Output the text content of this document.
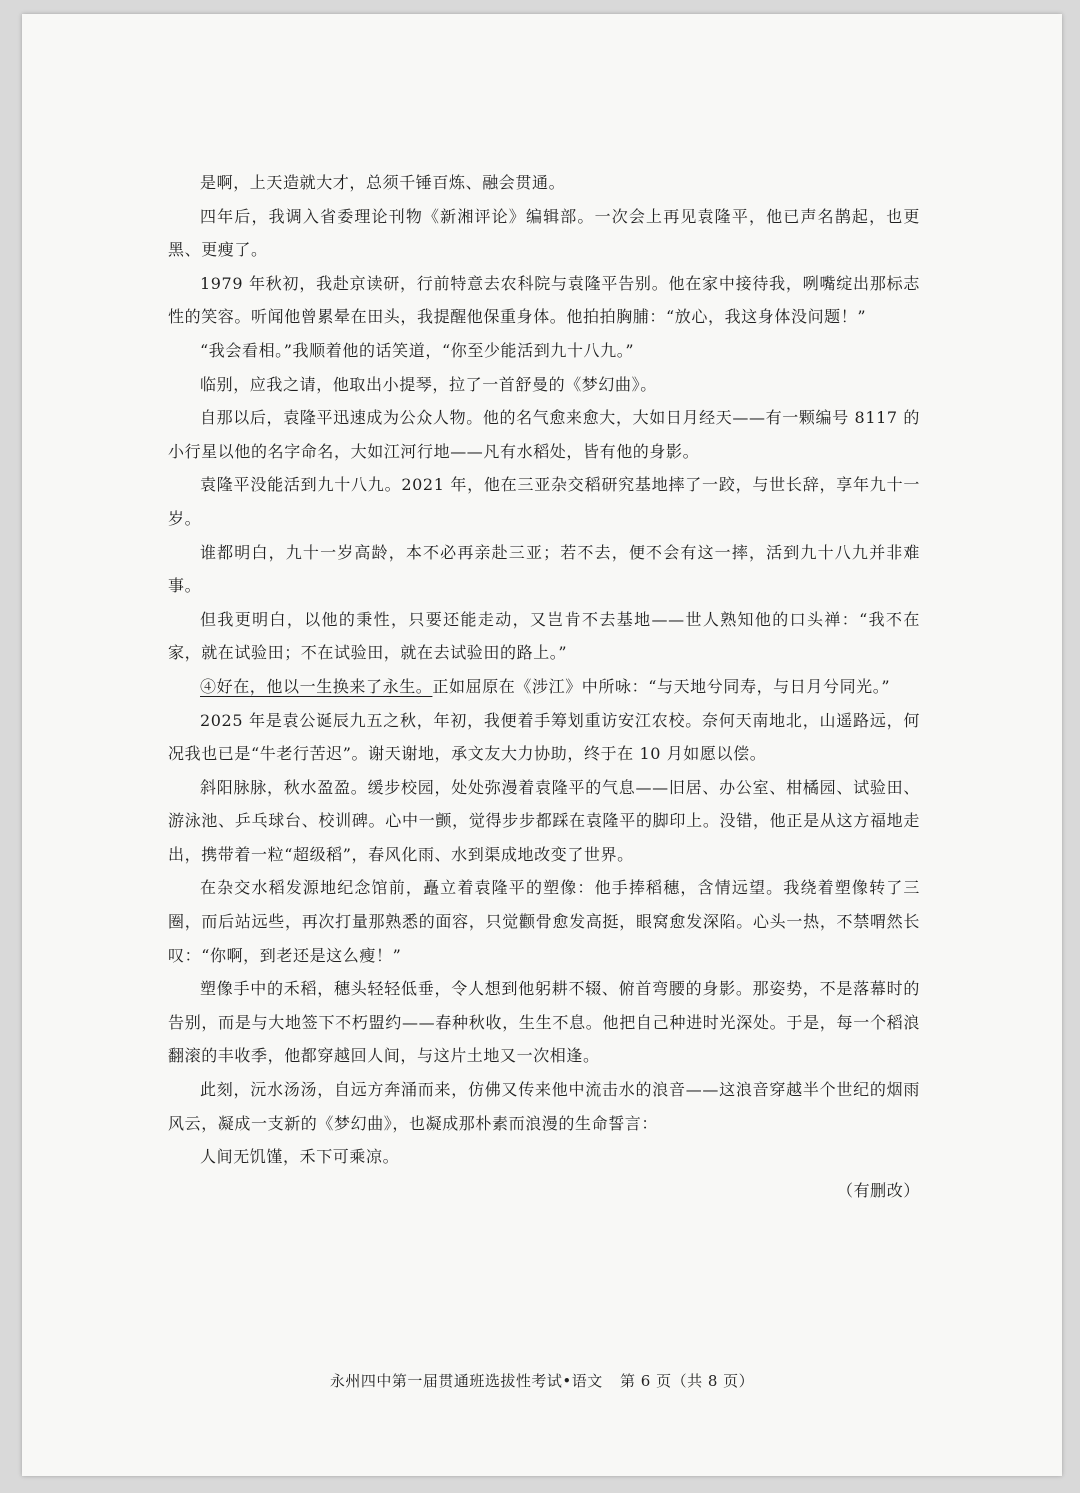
是啊，上天造就大才，总须千锤百炼、融会贯通。

四年后，我调入省委理论刊物《新湘评论》编辑部。一次会上再见袁隆平，他已声名鹊起，也更黑、更瘦了。

1979 年秋初，我赴京读研，行前特意去农科院与袁隆平告别。他在家中接待我，咧嘴绽出那标志性的笑容。听闻他曾累晕在田头，我提醒他保重身体。他拍拍胸脯：“放心，我这身体没问题！”

“我会看相。”我顺着他的话笑道，“你至少能活到九十八九。”

临别，应我之请，他取出小提琴，拉了一首舒曼的《梦幻曲》。

自那以后，袁隆平迅速成为公众人物。他的名气愈来愈大，大如日月经天——有一颗编号 8117 的小行星以他的名字命名，大如江河行地——凡有水稻处，皆有他的身影。

袁隆平没能活到九十八九。2021 年，他在三亚杂交稻研究基地摔了一跤，与世长辞，享年九十一岁。

谁都明白，九十一岁高龄，本不必再亲赴三亚；若不去，便不会有这一摔，活到九十八九并非难事。

但我更明白，以他的秉性，只要还能走动，又岂肯不去基地——世人熟知他的口头禅：“我不在家，就在试验田；不在试验田，就在去试验田的路上。”

④好在，他以一生换来了永生。正如屈原在《涉江》中所咏：“与天地兮同寿，与日月兮同光。”

2025 年是袁公诞辰九五之秋，年初，我便着手筹划重访安江农校。奈何天南地北，山遥路远，何况我也已是“牛老行苦迟”。谢天谢地，承文友大力协助，终于在 10 月如愿以偿。

斜阳脉脉，秋水盈盈。缓步校园，处处弥漫着袁隆平的气息——旧居、办公室、柑橘园、试验田、游泳池、乒乓球台、校训碑。心中一颤，觉得步步都踩在袁隆平的脚印上。没错，他正是从这方福地走出，携带着一粒“超级稻”，春风化雨、水到渠成地改变了世界。

在杂交水稻发源地纪念馆前，矗立着袁隆平的塑像：他手捧稻穗，含情远望。我绕着塑像转了三圈，而后站远些，再次打量那熟悉的面容，只觉颧骨愈发高挺，眼窝愈发深陷。心头一热，不禁喟然长叹：“你啊，到老还是这么瘦！”

塑像手中的禾稻，穗头轻轻低垂，令人想到他躬耕不辍、俯首弯腰的身影。那姿势，不是落幕时的告别，而是与大地签下不朽盟约——春种秋收，生生不息。他把自己种进时光深处。于是，每一个稻浪翻滚的丰收季，他都穿越回人间，与这片土地又一次相逢。

此刻，沅水汤汤，自远方奔涌而来，仿佛又传来他中流击水的浪音——这浪音穿越半个世纪的烟雨风云，凝成一支新的《梦幻曲》，也凝成那朴素而浪漫的生命誓言：

人间无饥馑，禾下可乘凉。

（有删改）

永州四中第一届贯通班选拔性考试•语文 第 6 页（共 8 页）
